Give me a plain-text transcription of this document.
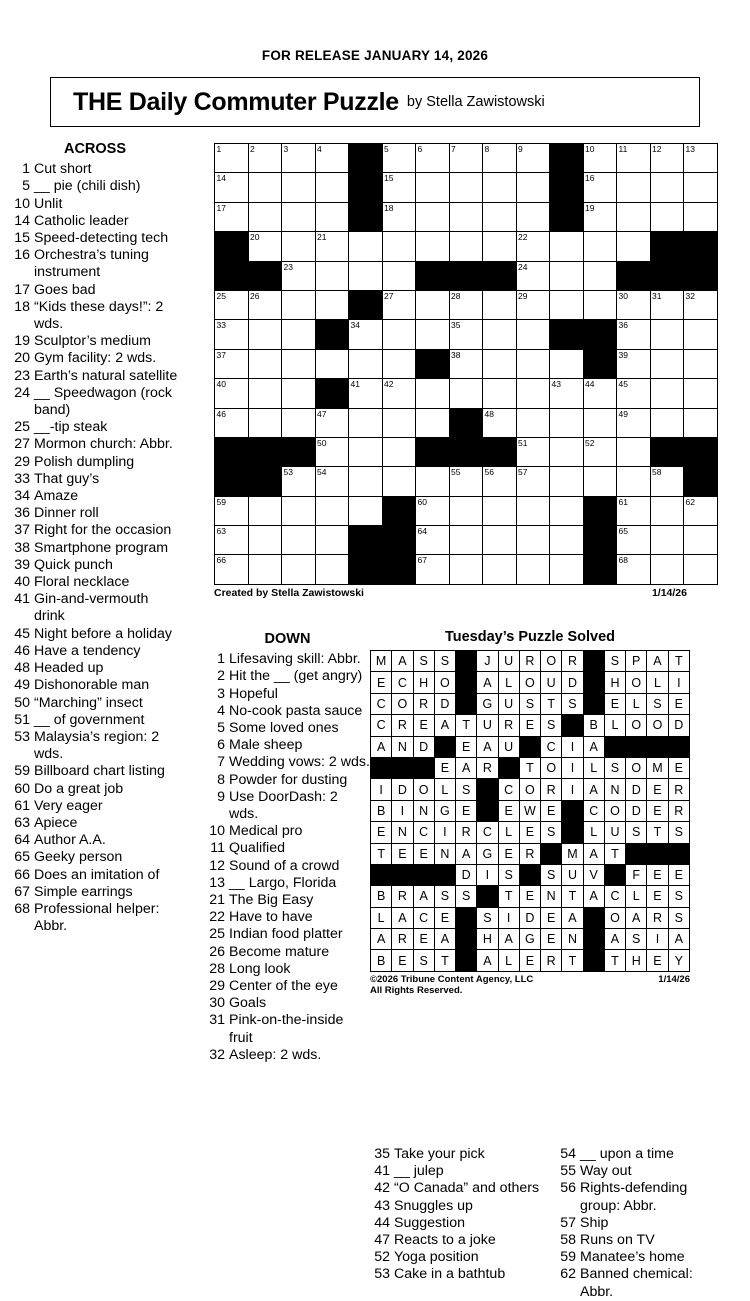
FOR RELEASE JANUARY 14, 2026
THE Daily Commuter Puzzle by Stella Zawistowski
ACROSS
1 Cut short
5 __ pie (chili dish)
10 Unlit
14 Catholic leader
15 Speed-detecting tech
16 Orchestra’s tuning instrument
17 Goes bad
18 “Kids these days!”: 2 wds.
19 Sculptor’s medium
20 Gym facility: 2 wds.
23 Earth’s natural satellite
24 __ Speedwagon (rock band)
25 __-tip steak
27 Mormon church: Abbr.
29 Polish dumpling
33 That guy’s
34 Amaze
36 Dinner roll
37 Right for the occasion
38 Smartphone program
39 Quick punch
40 Floral necklace
41 Gin-and-vermouth drink
45 Night before a holiday
46 Have a tendency
48 Headed up
49 Dishonorable man
50 “Marching” insect
51 __ of government
53 Malaysia’s region: 2 wds.
59 Billboard chart listing
60 Do a great job
61 Very eager
63 Apiece
64 Author A.A.
65 Geeky person
66 Does an imitation of
67 Simple earrings
68 Professional helper: Abbr.
1	2	3	4		5	6	7	8	9		10	11	12	13

14					15						16			

17					18						19			

	20		21						22					

		23							24					

25	26				27		28		29			30	31	32

33				34			35					36		

37							38					39		

40				41	42					43	44	45		

46			47					48				49		

			50						51		52			

		53	54				55	56	57				58	

59						60						61		62

63						64						65		

66						67						68		

Created by Stella Zawistowski	1/14/26
DOWN
1 Lifesaving skill: Abbr.
2 Hit the __ (get angry)
3 Hopeful
4 No-cook pasta sauce
5 Some loved ones
6 Male sheep
7 Wedding vows: 2 wds.
8 Powder for dusting
9 Use DoorDash: 2 wds.
10 Medical pro
11 Qualified
12 Sound of a crowd
13 __ Largo, Florida
21 The Big Easy
22 Have to have
25 Indian food platter
26 Become mature
28 Long look
29 Center of the eye
30 Goals
31 Pink-on-the-inside fruit
32 Asleep: 2 wds.
Tuesday’s Puzzle Solved
M	A	S	S		J	U	R	O	R		S	P	A	T
E	C	H	O		A	L	O	U	D		H	O	L	I
C	O	R	D		G	U	S	T	S		E	L	S	E
C	R	E	A	T	U	R	E	S		B	L	O	O	D
A	N	D		E	A	U		C	I	A				
			E	A	R		T	O	I	L	S	O	M	E
I	D	O	L	S		C	O	R	I	A	N	D	E	R
B	I	N	G	E		E	W	E		C	O	D	E	R
E	N	C	I	R	C	L	E	S		L	U	S	T	S
T	E	E	N	A	G	E	R		M	A	T			
				D	I	S		S	U	V		F	E	E
B	R	A	S	S		T	E	N	T	A	C	L	E	S
L	A	C	E		S	I	D	E	A		O	A	R	S
A	R	E	A		H	A	G	E	N		A	S	I	A
B	E	S	T		A	L	E	R	T		T	H	E	Y
©2026 Tribune Content Agency, LLC
All Rights Reserved.
1/14/26
35 Take your pick
41 __ julep
42 “O Canada” and others
43 Snuggles up
44 Suggestion
47 Reacts to a joke
52 Yoga position
53 Cake in a bathtub
54 __ upon a time
55 Way out
56 Rights-defending group: Abbr.
57 Ship
58 Runs on TV
59 Manatee’s home
62 Banned chemical: Abbr.
